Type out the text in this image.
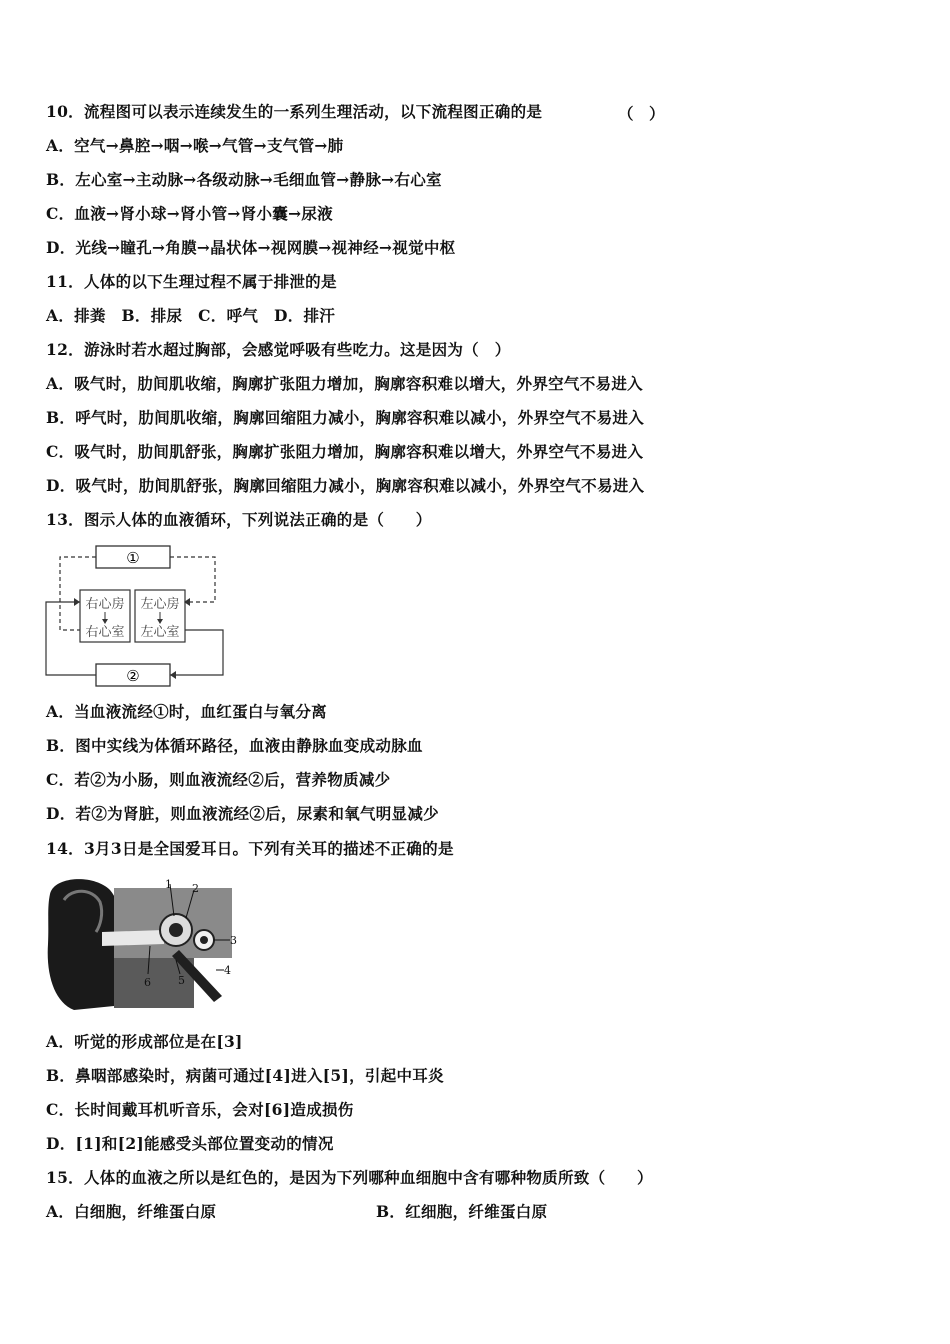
10．流程图可以表示连续发生的一系列生理活动，以下流程图正确的是	（　）
A．空气→鼻腔→咽→喉→气管→支气管→肺
B．左心室→主动脉→各级动脉→毛细血管→静脉→右心室
C．血液→肾小球→肾小管→肾小囊→尿液
D．光线→瞳孔→角膜→晶状体→视网膜→视神经→视觉中枢
11．人体的以下生理过程不属于排泄的是
A．排粪　B．排尿　C．呼气　D．排汗
12．游泳时若水超过胸部，会感觉呼吸有些吃力。这是因为（　）
A．吸气时，肋间肌收缩，胸廓扩张阻力增加，胸廓容积难以增大，外界空气不易进入
B．呼气时，肋间肌收缩，胸廓回缩阻力减小，胸廓容积难以减小，外界空气不易进入
C．吸气时，肋间肌舒张，胸廓扩张阻力增加，胸廓容积难以增大，外界空气不易进入
D．吸气时，肋间肌舒张，胸廓回缩阻力减小，胸廓容积难以减小，外界空气不易进入
13．图示人体的血液循环，下列说法正确的是（　　）
①
②
右心房 左心房
右心室 左心室
A．当血液流经①时，血红蛋白与氧分离
B．图中实线为体循环路径，血液由静脉血变成动脉血
C．若②为小肠，则血液流经②后，营养物质减少
D．若②为肾脏，则血液流经②后，尿素和氧气明显减少
14．3月3日是全国爱耳日。下列有关耳的描述不正确的是
1 2
3
4
5
6
A．听觉的形成部位是在[3]
B．鼻咽部感染时，病菌可通过[4]进入[5]，引起中耳炎
C．长时间戴耳机听音乐，会对[6]造成损伤
D．[1]和[2]能感受头部位置变动的情况
15．人体的血液之所以是红色的，是因为下列哪种血细胞中含有哪种物质所致（　　）
A．白细胞，纤维蛋白原	B．红细胞，纤维蛋白原
